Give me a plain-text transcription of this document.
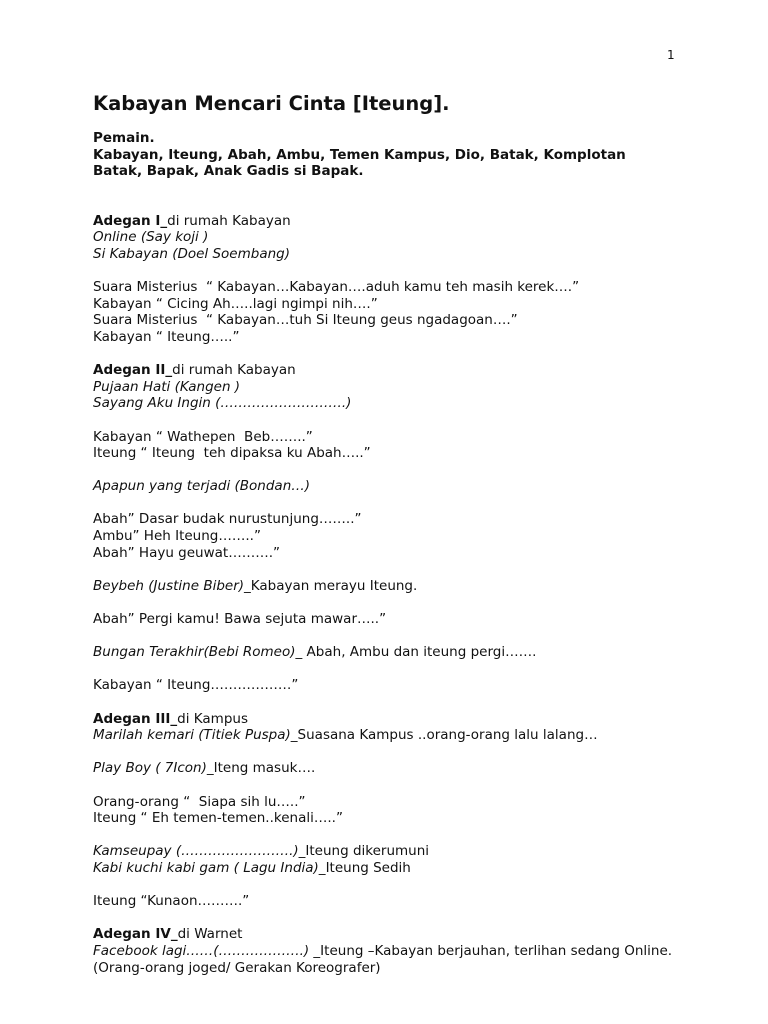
1
Kabayan Mencari Cinta [Iteung].
Pemain.
Kabayan, Iteung, Abah, Ambu, Temen Kampus, Dio, Batak, Komplotan Batak, Bapak, Anak Gadis si Bapak.
Adegan I_di rumah Kabayan
Online (Say koji )
Si Kabayan (Doel Soembang)
Suara Misterius  “ Kabayan…Kabayan….aduh kamu teh masih kerek….”
Kabayan “ Cicing Ah…..lagi ngimpi nih….”
Suara Misterius  “ Kabayan…tuh Si Iteung geus ngadagoan….”
Kabayan “ Iteung…..”
Adegan II_di rumah Kabayan
Pujaan Hati (Kangen )
Sayang Aku Ingin (……………………….)
Kabayan “ Wathepen  Beb……..”
Iteung “ Iteung  teh dipaksa ku Abah…..”
Apapun yang terjadi (Bondan…)
Abah” Dasar budak nurustunjung……..”
Ambu” Heh Iteung……..”
Abah” Hayu geuwat……….”
Beybeh (Justine Biber)_Kabayan merayu Iteung.
Abah” Pergi kamu! Bawa sejuta mawar…..”
Bungan Terakhir(Bebi Romeo)_ Abah, Ambu dan iteung pergi…….
Kabayan “ Iteung………………”
Adegan III_di Kampus
Marilah kemari (Titiek Puspa)_Suasana Kampus ..orang-orang lalu lalang…
Play Boy ( 7Icon)_Iteng masuk….
Orang-orang “  Siapa sih lu…..”
Iteung “ Eh temen-temen..kenali…..”
Kamseupay (…………………….)_Iteung dikerumuni
Kabi kuchi kabi gam ( Lagu India)_Iteung Sedih
Iteung “Kunaon……….”
Adegan IV_di Warnet
Facebook lagi……(……………….) _Iteung –Kabayan berjauhan, terlihan sedang Online. (Orang-orang joged/ Gerakan Koreografer)
